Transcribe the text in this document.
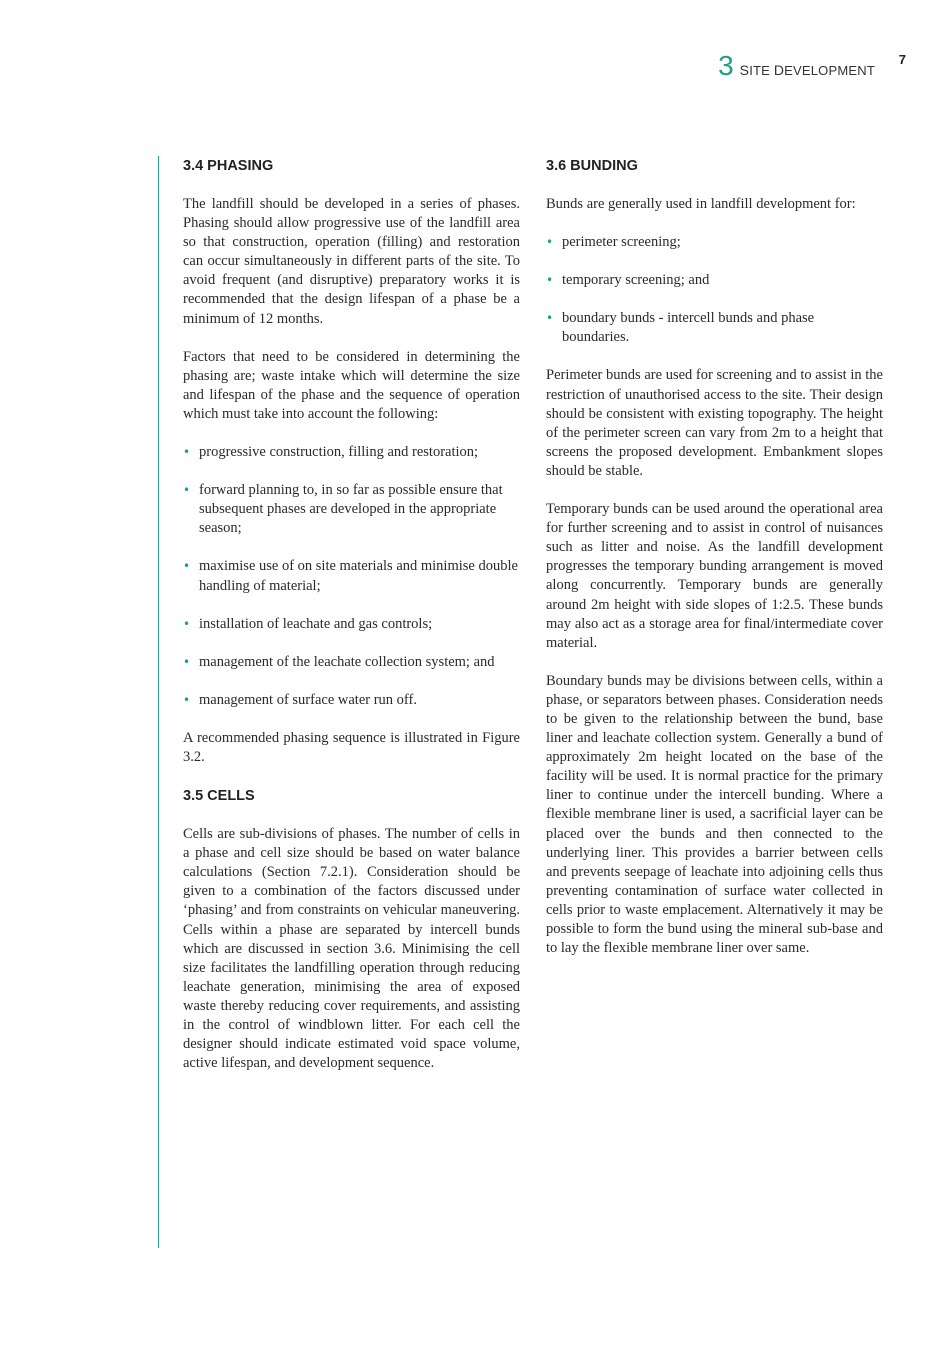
3 SITE DEVELOPMENT
7
3.4 PHASING

The landfill should be developed in a series of phases. Phasing should allow progressive use of the landfill area so that construction, operation (filling) and restoration can occur simultaneously in different parts of the site. To avoid frequent (and disruptive) preparatory works it is recommended that the design lifespan of a phase be a minimum of 12 months.

Factors that need to be considered in determining the phasing are; waste intake which will determine the size and lifespan of the phase and the sequence of operation which must take into account the following:

• progressive construction, filling and restoration;
• forward planning to, in so far as possible ensure that subsequent phases are developed in the appropriate season;
• maximise use of on site materials and minimise double handling of material;
• installation of leachate and gas controls;
• management of the leachate collection system; and
• management of surface water run off.

A recommended phasing sequence is illustrated in Figure 3.2.

3.5 CELLS

Cells are sub-divisions of phases. The number of cells in a phase and cell size should be based on water balance calculations (Section 7.2.1). Consideration should be given to a combination of the factors discussed under ‘phasing’ and from constraints on vehicular maneuvering. Cells within a phase are separated by intercell bunds which are discussed in section 3.6. Minimising the cell size facilitates the landfilling operation through reducing leachate generation, minimising the area of exposed waste thereby reducing cover requirements, and assisting in the control of windblown litter. For each cell the designer should indicate estimated void space volume, active lifespan, and development sequence.

3.6 BUNDING

Bunds are generally used in landfill development for:

• perimeter screening;
• temporary screening; and
• boundary bunds - intercell bunds and phase boundaries.

Perimeter bunds are used for screening and to assist in the restriction of unauthorised access to the site. Their design should be consistent with existing topography. The height of the perimeter screen can vary from 2m to a height that screens the proposed development. Embankment slopes should be stable.

Temporary bunds can be used around the operational area for further screening and to assist in control of nuisances such as litter and noise. As the landfill development progresses the temporary bunding arrangement is moved along concurrently. Temporary bunds are generally around 2m height with side slopes of 1:2.5. These bunds may also act as a storage area for final/intermediate cover material.

Boundary bunds may be divisions between cells, within a phase, or separators between phases. Consideration needs to be given to the relationship between the bund, base liner and leachate collection system. Generally a bund of approximately 2m height located on the base of the facility will be used. It is normal practice for the primary liner to continue under the intercell bunding. Where a flexible membrane liner is used, a sacrificial layer can be placed over the bunds and then connected to the underlying liner. This provides a barrier between cells and prevents seepage of leachate into adjoining cells thus preventing contamination of surface water collected in cells prior to waste emplacement. Alternatively it may be possible to form the bund using the mineral sub-base and to lay the flexible membrane liner over same.
